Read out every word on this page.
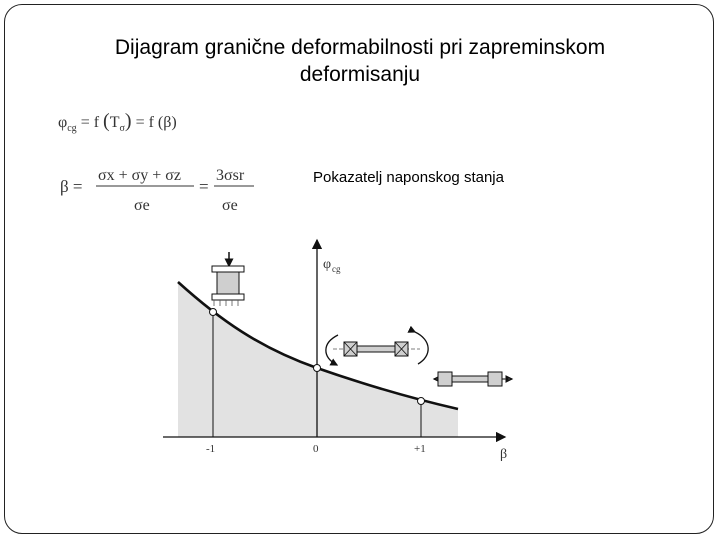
Dijagram granične deformabilnosti pri zapreminskom
deformisanju
$\varphi_{cg} = f$ $(T_\sigma) = f$ (β)
β =
σx + σy + σz
σe
=
3σsr
σe
Pokazatelj naponskog stanja
φ cg
β
-1	0	+1
